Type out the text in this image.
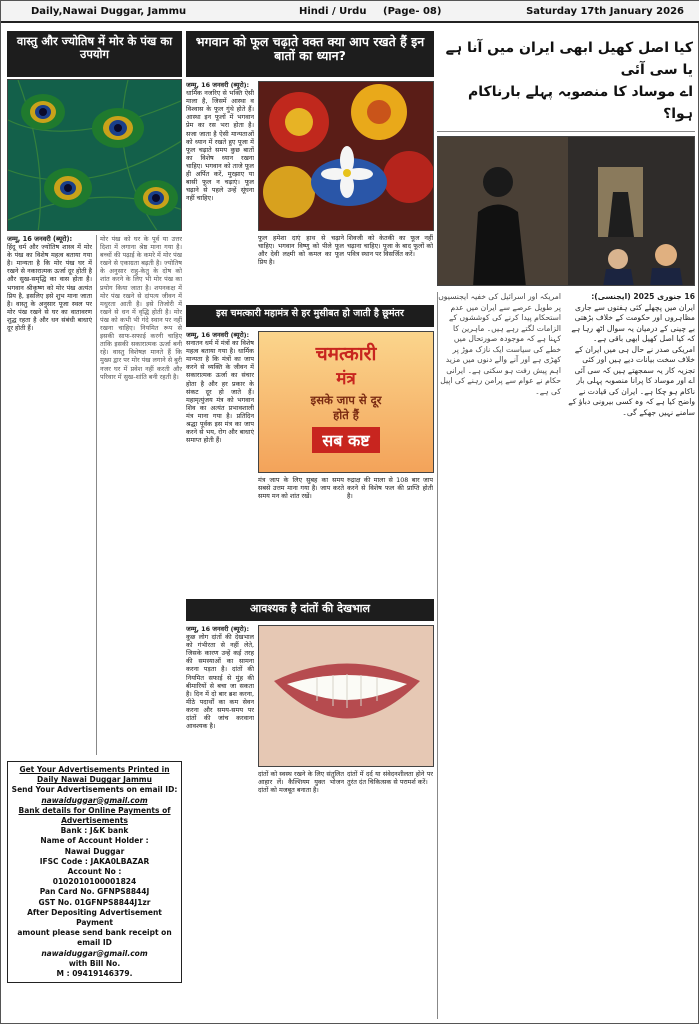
Daily,Nawai Duggar, Jammu	Hindi / Urdu (Page- 08)	Saturday 17th January 2026
वास्तु और ज्योतिष में मोर के पंख का उपयोग
जम्मू, 16 जनवरी (ब्यूरो):
हिंदू धर्म और ज्योतिष शास्त्र में मोर के पंख का विशेष महत्व बताया गया है। मान्यता है कि मोर पंख घर में रखने से नकारात्मक ऊर्जा दूर होती है और सुख-समृद्धि का वास होता है। भगवान श्रीकृष्ण को मोर पंख अत्यंत प्रिय है, इसलिए इसे शुभ माना जाता है। वास्तु के अनुसार पूजा स्थल पर मोर पंख रखने से घर का वातावरण शुद्ध रहता है और धन संबंधी बाधाएं दूर होती हैं।
मोर पंख को घर के पूर्व या उत्तर दिशा में लगाना श्रेष्ठ माना गया है। बच्चों की पढ़ाई के कमरे में मोर पंख रखने से एकाग्रता बढ़ती है। ज्योतिष के अनुसार राहु-केतु के दोष को शांत करने के लिए भी मोर पंख का प्रयोग किया जाता है। शयनकक्ष में मोर पंख रखने से दांपत्य जीवन में मधुरता आती है। इसे तिजोरी में रखने से धन में वृद्धि होती है। मोर पंख को कभी भी गंदे स्थान पर नहीं रखना चाहिए। नियमित रूप से इसकी साफ-सफाई करनी चाहिए ताकि इसकी सकारात्मक ऊर्जा बनी रहे। वास्तु विशेषज्ञ मानते हैं कि मुख्य द्वार पर मोर पंख लगाने से बुरी नजर घर में प्रवेश नहीं करती और परिवार में सुख-शांति बनी रहती है।
Get Your Advertisements Printed in
Daily Nawai Duggar Jammu
Send Your Advertisements on email ID:
nawaiduggar@gmail.com
Bank details for Online Payments of Advertisements
Bank : J&K bank
Name of Account Holder :
Nawai Duggar
IFSC Code : JAKA0LBAZAR
Account No :
0102010100001824
Pan Card No. GFNPS8844J
GST No. 01GFNPS8844J1zr
After Depositing Advertisement Payment
amount please send bank receipt on email ID
nawaiduggar@gmail.com
with Bill No.
M : 09419146379.
भगवान को फूल चढ़ाते वक्त क्या आप रखते हैं इन बातों का ध्यान?
जम्मू, 16 जनवरी (ब्यूरो):
धार्मिक नजरिए से भक्ति ऐसी माला है, जिसमें आस्था व विश्वास के फूल गुंथे होते हैं। आस्था इन फूलों में भगवान प्रेम का रस भरा होता है। सजा जाता है ऐसी मान्यताओं को ध्यान में रखते हुए पूजा में फूल चढ़ाते समय कुछ बातों का विशेष ध्यान रखना चाहिए। भगवान को ताजे फूल ही अर्पित करें, मुरझाए या बासी फूल न चढ़ाएं। फूल चढ़ाने से पहले उन्हें सूंघना नहीं चाहिए।
फूल हमेशा दाएं हाथ से चढ़ाने चाहिए। भगवान विष्णु को पीले फूल और देवी लक्ष्मी को कमल का फूल प्रिय है।
शिवजी को केतकी का फूल नहीं चढ़ाना चाहिए। पूजा के बाद फूलों को पवित्र स्थान पर विसर्जित करें।
इस चमत्कारी महामंत्र से हर मुसीबत हो जाती है छूमंतर
जम्मू, 16 जनवरी (ब्यूरो):
सनातन धर्म में मंत्रों का विशेष महत्व बताया गया है। धार्मिक मान्यता है कि मंत्रों का जाप करने से व्यक्ति के जीवन में सकारात्मक ऊर्जा का संचार होता है और हर प्रकार के संकट दूर हो जाते हैं। महामृत्युंजय मंत्र को भगवान शिव का अत्यंत प्रभावशाली मंत्र माना गया है। प्रतिदिन श्रद्धा पूर्वक इस मंत्र का जाप करने से भय, रोग और बाधाएं समाप्त होती हैं।
चमत्कारी
मंत्र
इसके जाप से दूर
होते हैं
सब कष्ट
मंत्र जाप के लिए सुबह का समय सबसे उत्तम माना गया है। जाप करते समय मन को शांत रखें।
रुद्राक्ष की माला से 108 बार जाप करने से विशेष फल की प्राप्ति होती है।
आवश्यक है दांतों की देखभाल
जम्मू, 16 जनवरी (ब्यूरो):
कुछ लोग दांतों की देखभाल को गंभीरता से नहीं लेते, जिसके कारण उन्हें कई तरह की समस्याओं का सामना करना पड़ता है। दांतों की नियमित सफाई से मुंह की बीमारियों से बचा जा सकता है। दिन में दो बार ब्रश करना, मीठे पदार्थों का कम सेवन करना और समय-समय पर दांतों की जांच करवाना आवश्यक है।
दांतों को स्वस्थ रखने के लिए संतुलित आहार लें। कैल्शियम युक्त भोजन दांतों को मजबूत बनाता है।
दांतों में दर्द या संवेदनशीलता होने पर तुरंत दंत चिकित्सक से परामर्श करें।
کیا اصل کھیل ابھی ایران میں آنا ہے یا سی آئی
اے موساد کا منصوبہ پہلے بارناکام ہوا؟
16 جنوری 2025 (ایجنسی):
ایران میں پچھلے کئی ہفتوں سے جاری مظاہروں اور حکومت کے خلاف بڑھتی بے چینی کے درمیان یہ سوال اٹھ رہا ہے کہ کیا اصل کھیل ابھی باقی ہے۔ امریکی صدر نے حال ہی میں ایران کے خلاف سخت بیانات دیے ہیں اور کئی تجزیہ کار یہ سمجھتے ہیں کہ سی آئی اے اور موساد کا پرانا منصوبہ پہلی بار ناکام ہو چکا ہے۔ ایران کی قیادت نے واضح کیا ہے کہ وہ کسی بیرونی دباؤ کے سامنے نہیں جھکے گی۔
امریکہ اور اسرائیل کی خفیہ ایجنسیوں پر طویل عرصے سے ایران میں عدم استحکام پیدا کرنے کی کوششوں کے الزامات لگتے رہے ہیں۔ ماہرین کا کہنا ہے کہ موجودہ صورتحال میں خطے کی سیاست ایک نازک موڑ پر کھڑی ہے اور آنے والے دنوں میں مزید اہم پیش رفت ہو سکتی ہے۔ ایرانی حکام نے عوام سے پرامن رہنے کی اپیل کی ہے۔
